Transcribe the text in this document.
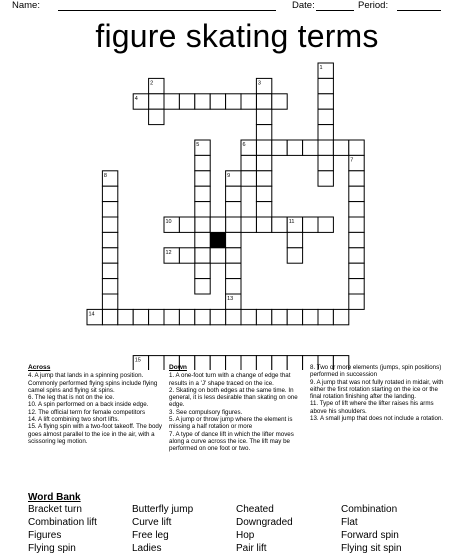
Name:	Date:	Period:
figure skating terms
1
2	3
4
5	6
7
8	9
10	11
12
13
14
15
Across

4. A jump that lands in a spinning position. Commonly performed flying spins include flying camel spins and flying sit spins.

6. The leg that is not on the ice.

10. A spin performed on a back inside edge.

12. The official term for female competitors

14. A lift combining two short lifts.

15. A flying spin with a two-foot takeoff. The body goes almost parallel to the ice in the air, with a scissoring leg motion.

Down

1. A one-foot turn with a change of edge that results in a 'J' shape traced on the ice.

2. Skating on both edges at the same time. In general, it is less desirable than skating on one edge.

3. See compulsory figures.

5. A jump or throw jump where the element is missing a half rotation or more

7. A type of dance lift in which the lifter moves along a curve across the ice. The lift may be performed on one foot or two.

8. Two or more elements (jumps, spin positions) performed in succession

9. A jump that was not fully rotated in midair, with either the first rotation starting on the ice or the final rotation finishing after the landing.

11. Type of lift where the lifter raises his arms above his shoulders.

13. A small jump that does not include a rotation.

Word Bank
Bracket turn	Butterfly jump	Cheated	Combination
Combination lift	Curve lift	Downgraded	Flat
Figures	Free leg	Hop	Forward spin
Flying spin	Ladies	Pair lift	Flying sit spin
